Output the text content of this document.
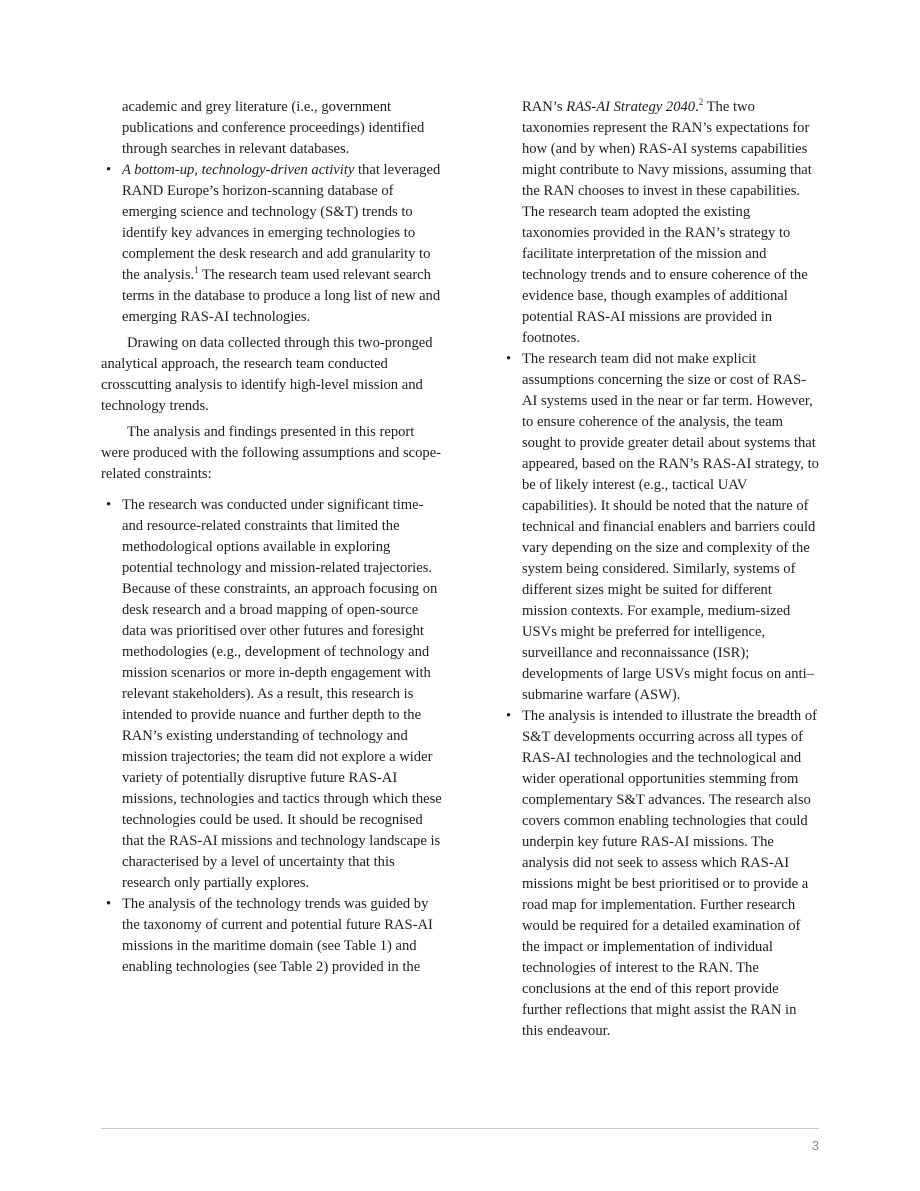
academic and grey literature (i.e., government publications and conference proceedings) identified through searches in relevant databases.

• A bottom-up, technology-driven activity that leveraged RAND Europe’s horizon-scanning database of emerging science and technology (S&T) trends to identify key advances in emerging technologies to complement the desk research and add granularity to the analysis.$^1$ The research team used relevant search terms in the database to produce a long list of new and emerging RAS-AI technologies.

Drawing on data collected through this two-pronged analytical approach, the research team conducted crosscutting analysis to identify high-level mission and technology trends.

The analysis and findings presented in this report were produced with the following assumptions and scope-related constraints:

• The research was conducted under significant time- and resource-related constraints that limited the methodological options available in exploring potential technology and mission-related trajectories. Because of these constraints, an approach focusing on desk research and a broad mapping of open-source data was prioritised over other futures and foresight methodologies (e.g., development of technology and mission scenarios or more in-depth engagement with relevant stakeholders). As a result, this research is intended to provide nuance and further depth to the RAN’s existing understanding of technology and mission trajectories; the team did not explore a wider variety of potentially disruptive future RAS-AI missions, technologies and tactics through which these technologies could be used. It should be recognised that the RAS-AI missions and technology landscape is characterised by a level of uncertainty that this research only partially explores.

• The analysis of the technology trends was guided by the taxonomy of current and potential future RAS-AI missions in the maritime domain (see Table 1) and enabling technologies (see Table 2) provided in the

RAN’s RAS-AI Strategy 2040.$^2$ The two taxonomies represent the RAN’s expectations for how (and by when) RAS-AI systems capabilities might contribute to Navy missions, assuming that the RAN chooses to invest in these capabilities. The research team adopted the existing taxonomies provided in the RAN’s strategy to facilitate interpretation of the mission and technology trends and to ensure coherence of the evidence base, though examples of additional potential RAS-AI missions are provided in footnotes.

• The research team did not make explicit assumptions concerning the size or cost of RAS-AI systems used in the near or far term. However, to ensure coherence of the analysis, the team sought to provide greater detail about systems that appeared, based on the RAN’s RAS-AI strategy, to be of likely interest (e.g., tactical UAV capabilities). It should be noted that the nature of technical and financial enablers and barriers could vary depending on the size and complexity of the system being considered. Similarly, systems of different sizes might be suited for different mission contexts. For example, medium-sized USVs might be preferred for intelligence, surveillance and reconnaissance (ISR); developments of large USVs might focus on anti–submarine warfare (ASW).

• The analysis is intended to illustrate the breadth of S&T developments occurring across all types of RAS-AI technologies and the technological and wider operational opportunities stemming from complementary S&T advances. The research also covers common enabling technologies that could underpin key future RAS-AI missions. The analysis did not seek to assess which RAS-AI missions might be best prioritised or to provide a road map for implementation. Further research would be required for a detailed examination of the impact or implementation of individual technologies of interest to the RAN. The conclusions at the end of this report provide further reflections that might assist the RAN in this endeavour.

3
